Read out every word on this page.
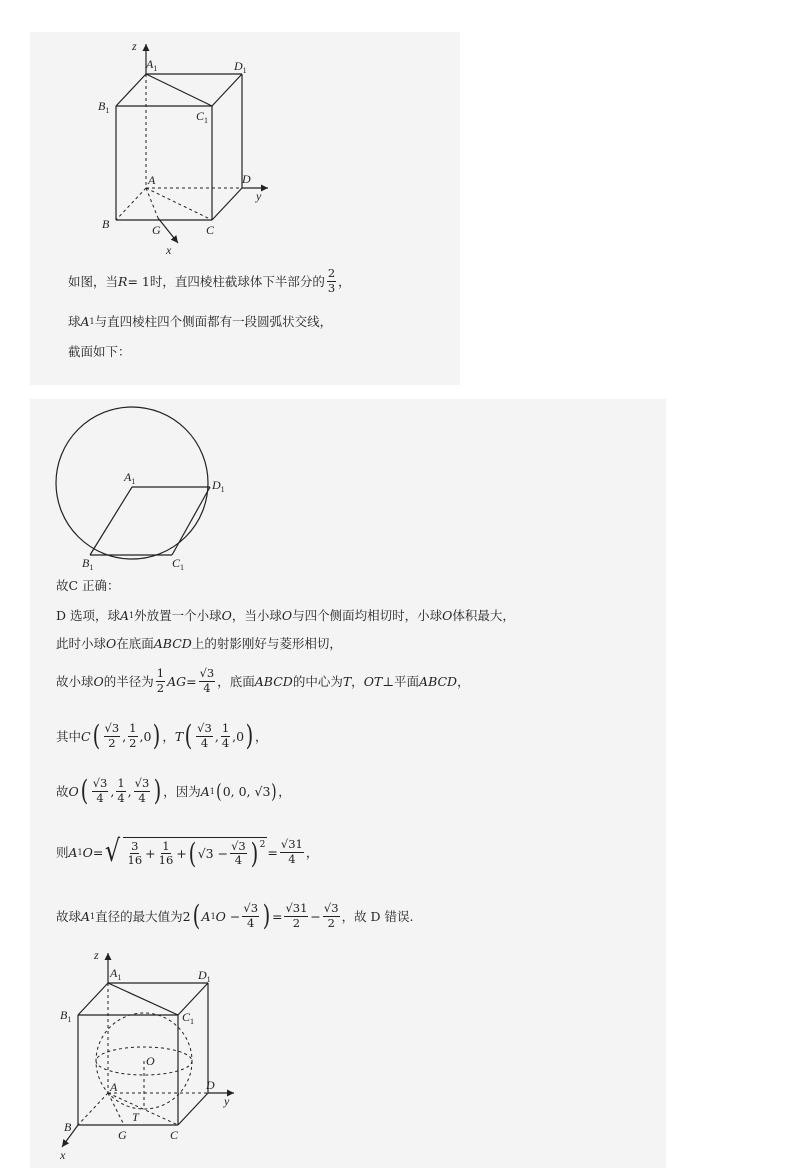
z
$A_1$	$D_1$
$B_1$	$C_1$
A	D
y
B	G	C
x
如图，当 R = 1时，直四棱柱截球体下半部分的 $\frac{2}{3}$ ，
球 A 1 与直四棱柱四个侧面都有一段圆弧状交线，
截面如下：
$A_1$	$D_1$
$B_1$	$C_1$
故C 正确：
D 选项，球 A 1 外放置一个小球 O ，当小球 O 与四个侧面均相切时，小球 O 体积最大，
此时小球 O 在底面 ABCD 上的射影刚好与菱形相切，
故小球 O 的半径为 $\frac{1}{2}$ AG = $\frac{√3}{4}$ ，底面 ABCD 的中心为 T ， OT ⊥平面 ABCD ，
其中 C ( $\frac{√3}{2}$ , $\frac{1}{2}$ , 0 ) ， T ( $\frac{√3}{4}$ , $\frac{1}{4}$ , 0 ) ，
故 O ( $\frac{√3}{4}$ , $\frac{1}{4}$ , $\frac{√3}{4}$ ) ，因为 A 1 ( 0, 0, √3 ) ，
则 A 1 O = √ $\frac{3}{16} + \frac{1}{16}$ + ( $√3 - \frac{√3}{4} )^2 = \frac{√31}{4}$ ，
故球 A 1 直径的最大值为 2 ( A 1 $O - \frac{√3}{4}$ ) = $\frac{√31}{2} - \frac{√3}{2}$ ，故 D 错误.
z
$A_1$	$D_1$
$B_1$	$C_1$
O
A	D
y
T
B
G	C
x
